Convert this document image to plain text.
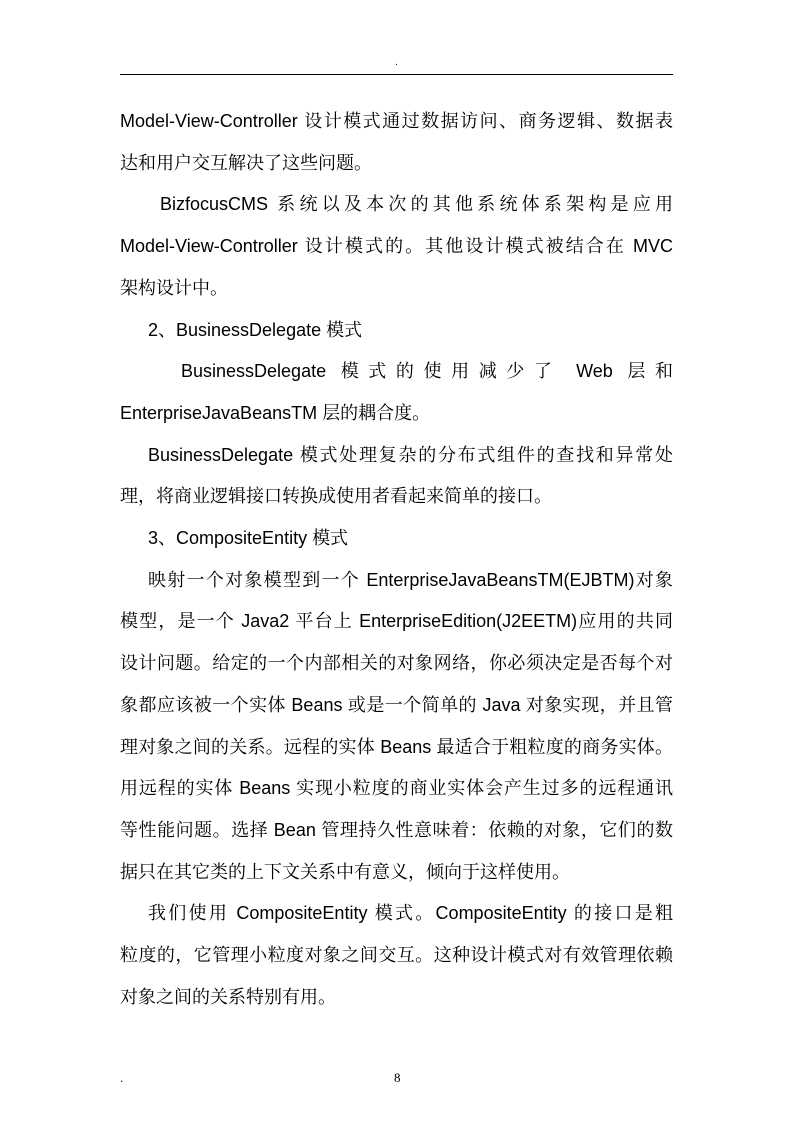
.
Model-View-Controller 设计模式通过数据访问、商务逻辑、数据表
达和用户交互解决了这些问题。
BizfocusCMS 系统以及本次的其他系统体系架构是应用
Model-View-Controller 设计模式的。其他设计模式被结合在 MVC
架构设计中。
2、BusinessDelegate 模式
BusinessDelegate 模式的使用减少了 Web 层和
EnterpriseJavaBeansTM 层的耦合度。
BusinessDelegate 模式处理复杂的分布式组件的查找和异常处
理，将商业逻辑接口转换成使用者看起来简单的接口。
3、CompositeEntity 模式
映射一个对象模型到一个 EnterpriseJavaBeansTM(EJBTM)对象
模型，是一个 Java2 平台上 EnterpriseEdition(J2EETM)应用的共同
设计问题。给定的一个内部相关的对象网络，你必须决定是否每个对
象都应该被一个实体 Beans 或是一个简单的 Java 对象实现，并且管
理对象之间的关系。远程的实体 Beans 最适合于粗粒度的商务实体。
用远程的实体 Beans 实现小粒度的商业实体会产生过多的远程通讯
等性能问题。选择 Bean 管理持久性意味着：依赖的对象，它们的数
据只在其它类的上下文关系中有意义，倾向于这样使用。
我们使用 CompositeEntity 模式。CompositeEntity 的接口是粗
粒度的，它管理小粒度对象之间交互。这种设计模式对有效管理依赖
对象之间的关系特别有用。
.	8
